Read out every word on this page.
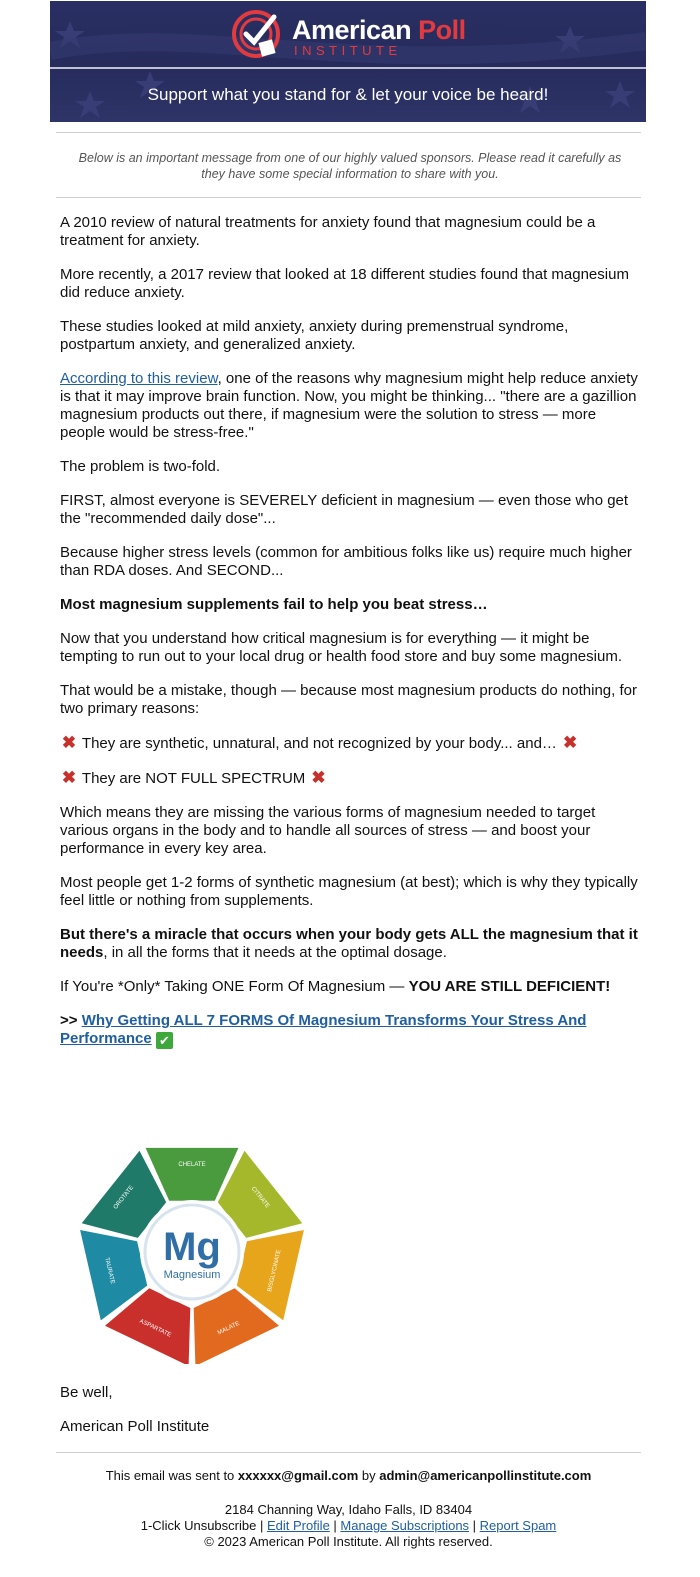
American Poll
INSTITUTE
Support what you stand for & let your voice be heard!
Below is an important message from one of our highly valued sponsors. Please read it carefully as they have some special information to share with you.

A 2010 review of natural treatments for anxiety found that magnesium could be a treatment for anxiety.

More recently, a 2017 review that looked at 18 different studies found that magnesium did reduce anxiety.

These studies looked at mild anxiety, anxiety during premenstrual syndrome, postpartum anxiety, and generalized anxiety.

According to this review, one of the reasons why magnesium might help reduce anxiety is that it may improve brain function. Now, you might be thinking... "there are a gazillion magnesium products out there, if magnesium were the solution to stress — more people would be stress-free."

The problem is two-fold.

FIRST, almost everyone is SEVERELY deficient in magnesium — even those who get the "recommended daily dose"...

Because higher stress levels (common for ambitious folks like us) require much higher than RDA doses. And SECOND...

Most magnesium supplements fail to help you beat stress…

Now that you understand how critical magnesium is for everything — it might be tempting to run out to your local drug or health food store and buy some magnesium.

That would be a mistake, though — because most magnesium products do nothing, for two primary reasons:

✖ They are synthetic, unnatural, and not recognized by your body... and… ✖

✖ They are NOT FULL SPECTRUM ✖

Which means they are missing the various forms of magnesium needed to target various organs in the body and to handle all sources of stress — and boost your performance in every key area.

Most people get 1-2 forms of synthetic magnesium (at best); which is why they typically feel little or nothing from supplements.

But there's a miracle that occurs when your body gets ALL the magnesium that it needs, in all the forms that it needs at the optimal dosage.

If You're *Only* Taking ONE Form Of Magnesium — YOU ARE STILL DEFICIENT!

>> Why Getting ALL 7 FORMS Of Magnesium Transforms Your Stress And Performance ✔

CHELATE
CITRATE
BISGLYCINATE
MALATE
ASPARTATE
TAURATE
OROTATE
Mg
Magnesium
Be well,
American Poll Institute
This email was sent to xxxxxx@gmail.com by admin@americanpollinstitute.com
2184 Channing Way, Idaho Falls, ID 83404
1-Click Unsubscribe | Edit Profile | Manage Subscriptions | Report Spam
© 2023 American Poll Institute. All rights reserved.
